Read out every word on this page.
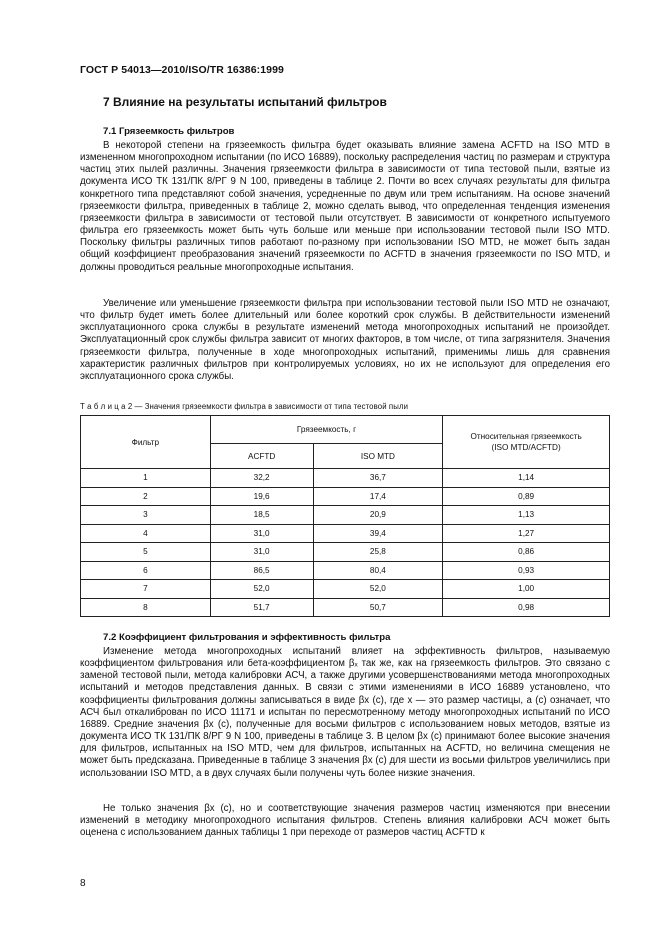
ГОСТ Р 54013—2010/ISO/TR 16386:1999
7 Влияние на результаты испытаний фильтров
7.1 Грязеемкость фильтров

В некоторой степени на грязеемкость фильтра будет оказывать влияние замена ACFTD на ISO MTD в измененном многопроходном испытании (по ИСО 16889), поскольку распределения частиц по размерам и структура частиц этих пылей различны. Значения грязеемкости фильтра в зависимости от типа тестовой пыли, взятые из документа ИСО ТК 131/ПК 8/РГ 9 N 100, приведены в таблице 2. Почти во всех случаях результаты для фильтра конкретного типа представляют собой значения, усредненные по двум или трем испытаниям. На основе значений грязеемкости фильтра, приведенных в таблице 2, можно сделать вывод, что определенная тенденция изменения грязеемкости фильтра в зависимости от тестовой пыли отсутствует. В зависимости от конкретного испытуемого фильтра его грязеемкость может быть чуть больше или меньше при использовании тестовой пыли ISO MTD. Поскольку фильтры различных типов работают по-разному при использовании ISO MTD, не может быть задан общий коэффициент преобразования значений грязеемкости по ACFTD в значения грязеемкости по ISO MTD, и должны проводиться реальные многопроходные испытания.

Увеличение или уменьшение грязеемкости фильтра при использовании тестовой пыли ISO MTD не означают, что фильтр будет иметь более длительный или более короткий срок службы. В действительности изменений эксплуатационного срока службы в результате изменений метода многопроходных испытаний не произойдет. Эксплуатационный срок службы фильтра зависит от многих факторов, в том числе, от типа загрязнителя. Значения грязеемкости фильтра, полученные в ходе многопроходных испытаний, применимы лишь для сравнения характеристик различных фильтров при контролируемых условиях, но их не используют для определения его эксплуатационного срока службы.

Т а б л и ц а 2 — Значения грязеемкости фильтра в зависимости от типа тестовой пыли
Фильтр	Грязеемкость, г		Относительная грязеемкость
(ISO MTD/ACFTD)

	ACFTD	ISO MTD	
1	32,2	36,7	1,14
2	19,6	17,4	0,89
3	18,5	20,9	1,13
4	31,0	39,4	1,27
5	31,0	25,8	0,86
6	86,5	80,4	0,93
7	52,0	52,0	1,00
8	51,7	50,7	0,98
7.2 Коэффициент фильтрования и эффективность фильтра

Изменение метода многопроходных испытаний влияет на эффективность фильтров, называемую коэффициентом фильтрования или бета-коэффициентом βₓ так же, как на грязеемкость фильтров. Это связано с заменой тестовой пыли, метода калибровки АСЧ, а также другими усовершенствованиями метода многопроходных испытаний и методов представления данных. В связи с этими изменениями в ИСО 16889 установлено, что коэффициенты фильтрования должны записываться в виде βx (c), где x — это размер частицы, а (c) означает, что АСЧ был откалиброван по ИСО 11171 и испытан по пересмотренному методу многопроходных испытаний по ИСО 16889. Средние значения βx (c), полученные для восьми фильтров с использованием новых методов, взятые из документа ИСО ТК 131/ПК 8/РГ 9 N 100, приведены в таблице 3. В целом βx (c) принимают более высокие значения для фильтров, испытанных на ISO MTD, чем для фильтров, испытанных на ACFTD, но величина смещения не может быть предсказана. Приведенные в таблице 3 значения βx (c) для шести из восьми фильтров увеличились при использовании ISO MTD, а в двух случаях были получены чуть более низкие значения.

Не только значения βx (c), но и соответствующие значения размеров частиц изменяются при внесении изменений в методику многопроходного испытания фильтров. Степень влияния калибровки АСЧ может быть оценена с использованием данных таблицы 1 при переходе от размеров частиц ACFTD к

8
